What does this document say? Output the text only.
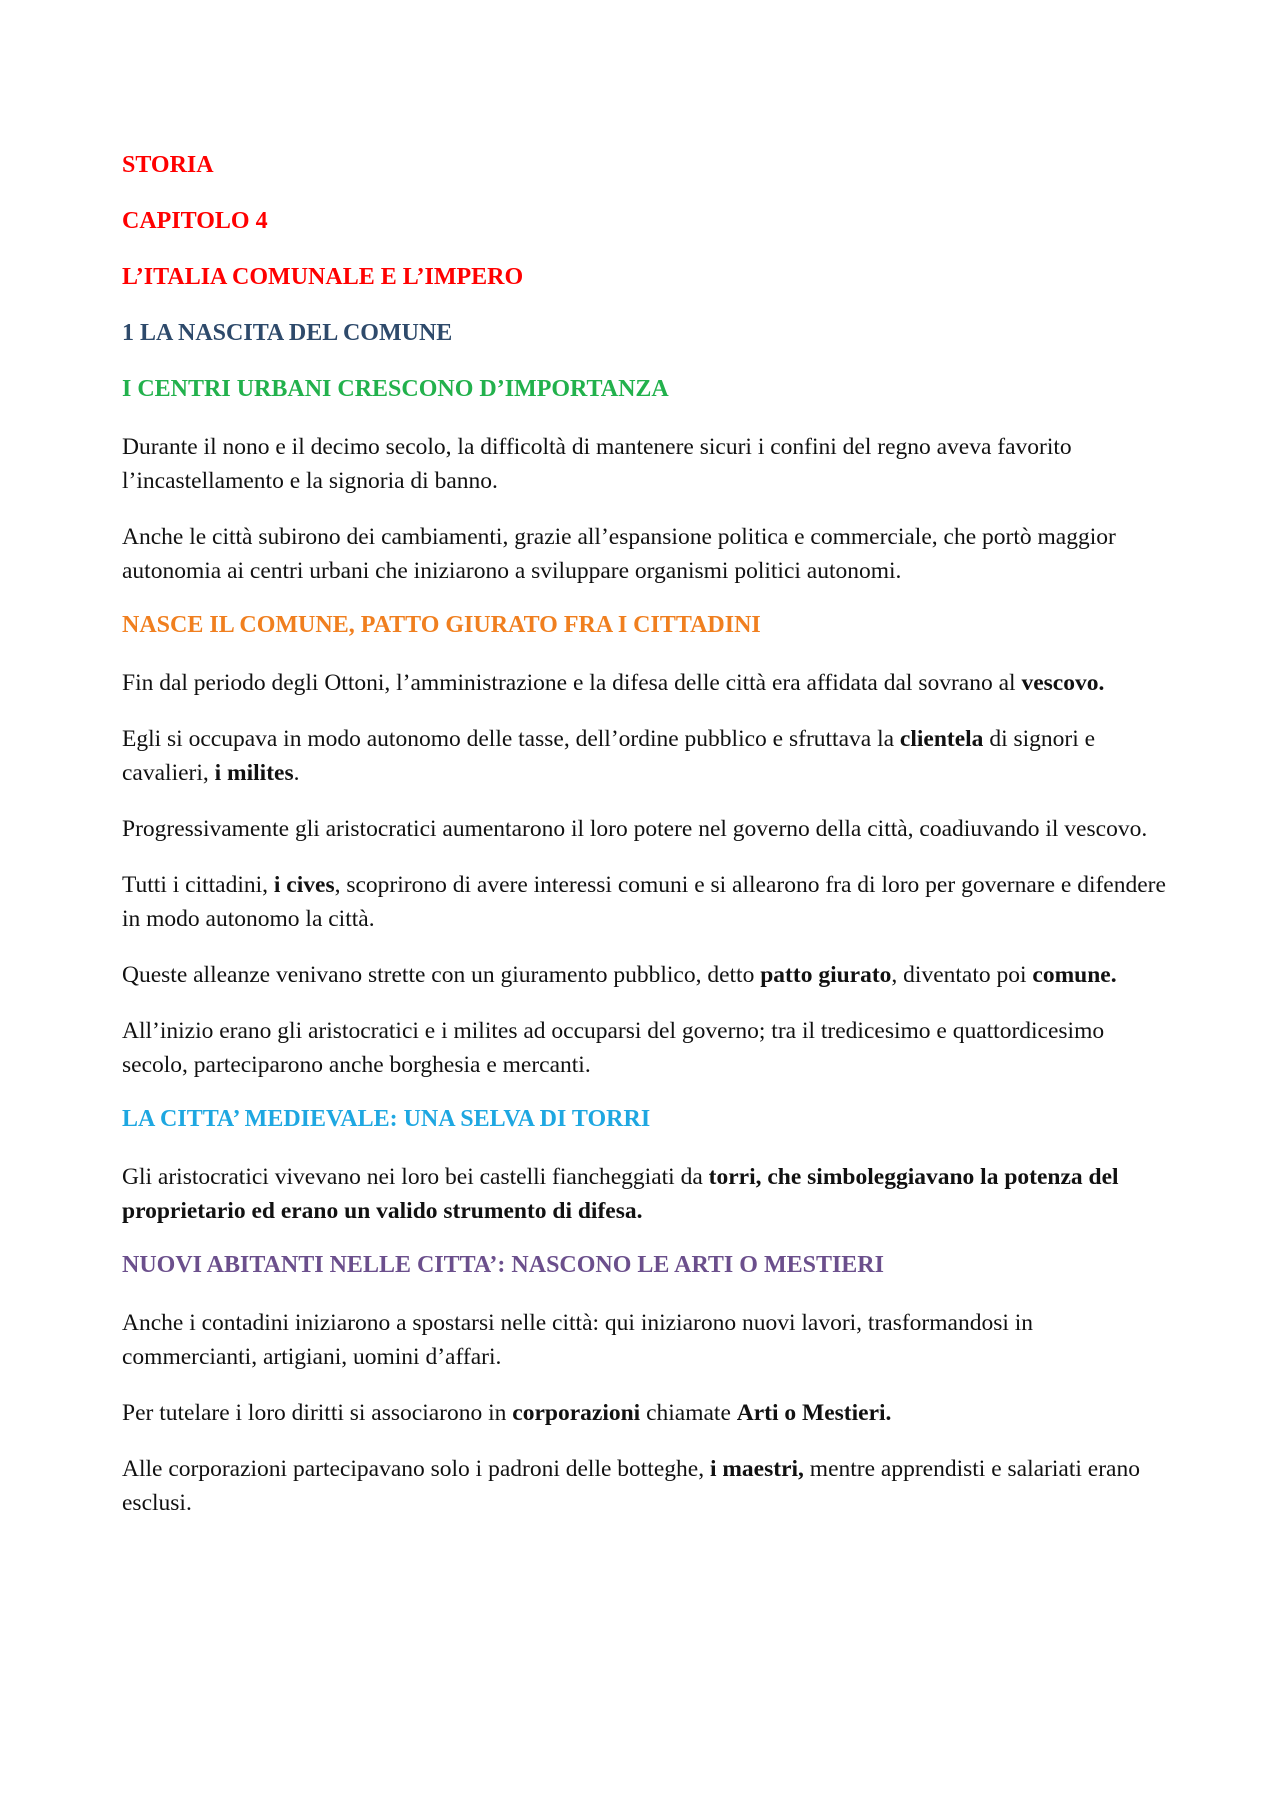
STORIA
CAPITOLO 4
L’ITALIA COMUNALE E L’IMPERO
1 LA NASCITA DEL COMUNE
I CENTRI URBANI CRESCONO D’IMPORTANZA

Durante il nono e il decimo secolo, la difficoltà di mantenere sicuri i confini del regno aveva favorito l’incastellamento e la signoria di banno.

Anche le città subirono dei cambiamenti, grazie all’espansione politica e commerciale, che portò maggior autonomia ai centri urbani che iniziarono a sviluppare organismi politici autonomi.

NASCE IL COMUNE, PATTO GIURATO FRA I CITTADINI

Fin dal periodo degli Ottoni, l’amministrazione e la difesa delle città era affidata dal sovrano al vescovo.

Egli si occupava in modo autonomo delle tasse, dell’ordine pubblico e sfruttava la clientela di signori e cavalieri, i milites.

Progressivamente gli aristocratici aumentarono il loro potere nel governo della città, coadiuvando il vescovo.

Tutti i cittadini, i cives, scoprirono di avere interessi comuni e si allearono fra di loro per governare e difendere in modo autonomo la città.

Queste alleanze venivano strette con un giuramento pubblico, detto patto giurato, diventato poi comune.

All’inizio erano gli aristocratici e i milites ad occuparsi del governo; tra il tredicesimo e quattordicesimo secolo, parteciparono anche borghesia e mercanti.

LA CITTA’ MEDIEVALE: UNA SELVA DI TORRI

Gli aristocratici vivevano nei loro bei castelli fiancheggiati da torri, che simboleggiavano la potenza del proprietario ed erano un valido strumento di difesa.

NUOVI ABITANTI NELLE CITTA’: NASCONO LE ARTI O MESTIERI

Anche i contadini iniziarono a spostarsi nelle città: qui iniziarono nuovi lavori, trasformandosi in commercianti, artigiani, uomini d’affari.

Per tutelare i loro diritti si associarono in corporazioni chiamate Arti o Mestieri.

Alle corporazioni partecipavano solo i padroni delle botteghe, i maestri, mentre apprendisti e salariati erano esclusi.
